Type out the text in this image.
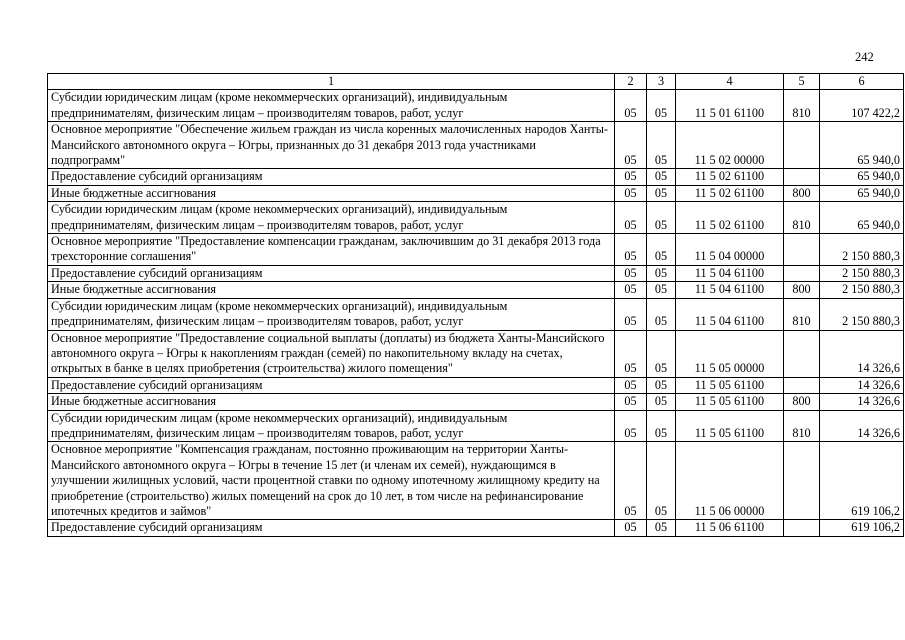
242
1	2	3	4	5	6
Субсидии юридическим лицам (кроме некоммерческих организаций), индивидуальным предпринимателям, физическим лицам – производителям товаров, работ, услуг	05	05	11 5 01 61100	810	107 422,2
Основное мероприятие "Обеспечение жильем граждан из числа коренных малочисленных народов Ханты-Мансийского автономного округа – Югры, признанных до 31 декабря 2013 года участниками подпрограмм"	05	05	11 5 02 00000		65 940,0
Предоставление субсидий организациям	05	05	11 5 02 61100		65 940,0
Иные бюджетные ассигнования	05	05	11 5 02 61100	800	65 940,0
Субсидии юридическим лицам (кроме некоммерческих организаций), индивидуальным предпринимателям, физическим лицам – производителям товаров, работ, услуг	05	05	11 5 02 61100	810	65 940,0
Основное мероприятие "Предоставление компенсации гражданам, заключившим до 31 декабря 2013 года трехсторонние соглашения"	05	05	11 5 04 00000		2 150 880,3
Предоставление субсидий организациям	05	05	11 5 04 61100		2 150 880,3
Иные бюджетные ассигнования	05	05	11 5 04 61100	800	2 150 880,3
Субсидии юридическим лицам (кроме некоммерческих организаций), индивидуальным предпринимателям, физическим лицам – производителям товаров, работ, услуг	05	05	11 5 04 61100	810	2 150 880,3
Основное мероприятие "Предоставление социальной выплаты (доплаты) из бюджета Ханты-Мансийского автономного округа – Югры к накоплениям граждан (семей) по накопительному вкладу на счетах, открытых в банке в целях приобретения (строительства) жилого помещения"	05	05	11 5 05 00000		14 326,6
Предоставление субсидий организациям	05	05	11 5 05 61100		14 326,6
Иные бюджетные ассигнования	05	05	11 5 05 61100	800	14 326,6
Субсидии юридическим лицам (кроме некоммерческих организаций), индивидуальным предпринимателям, физическим лицам – производителям товаров, работ, услуг	05	05	11 5 05 61100	810	14 326,6
Основное мероприятие "Компенсация гражданам, постоянно проживающим на территории Ханты-Мансийского автономного округа – Югры в течение 15 лет (и членам их семей), нуждающимся в улучшении жилищных условий, части процентной ставки по одному ипотечному жилищному кредиту на приобретение (строительство) жилых помещений на срок до 10 лет, в том числе на рефинансирование ипотечных кредитов и займов"	05	05	11 5 06 00000		619 106,2
Предоставление субсидий организациям	05	05	11 5 06 61100		619 106,2
